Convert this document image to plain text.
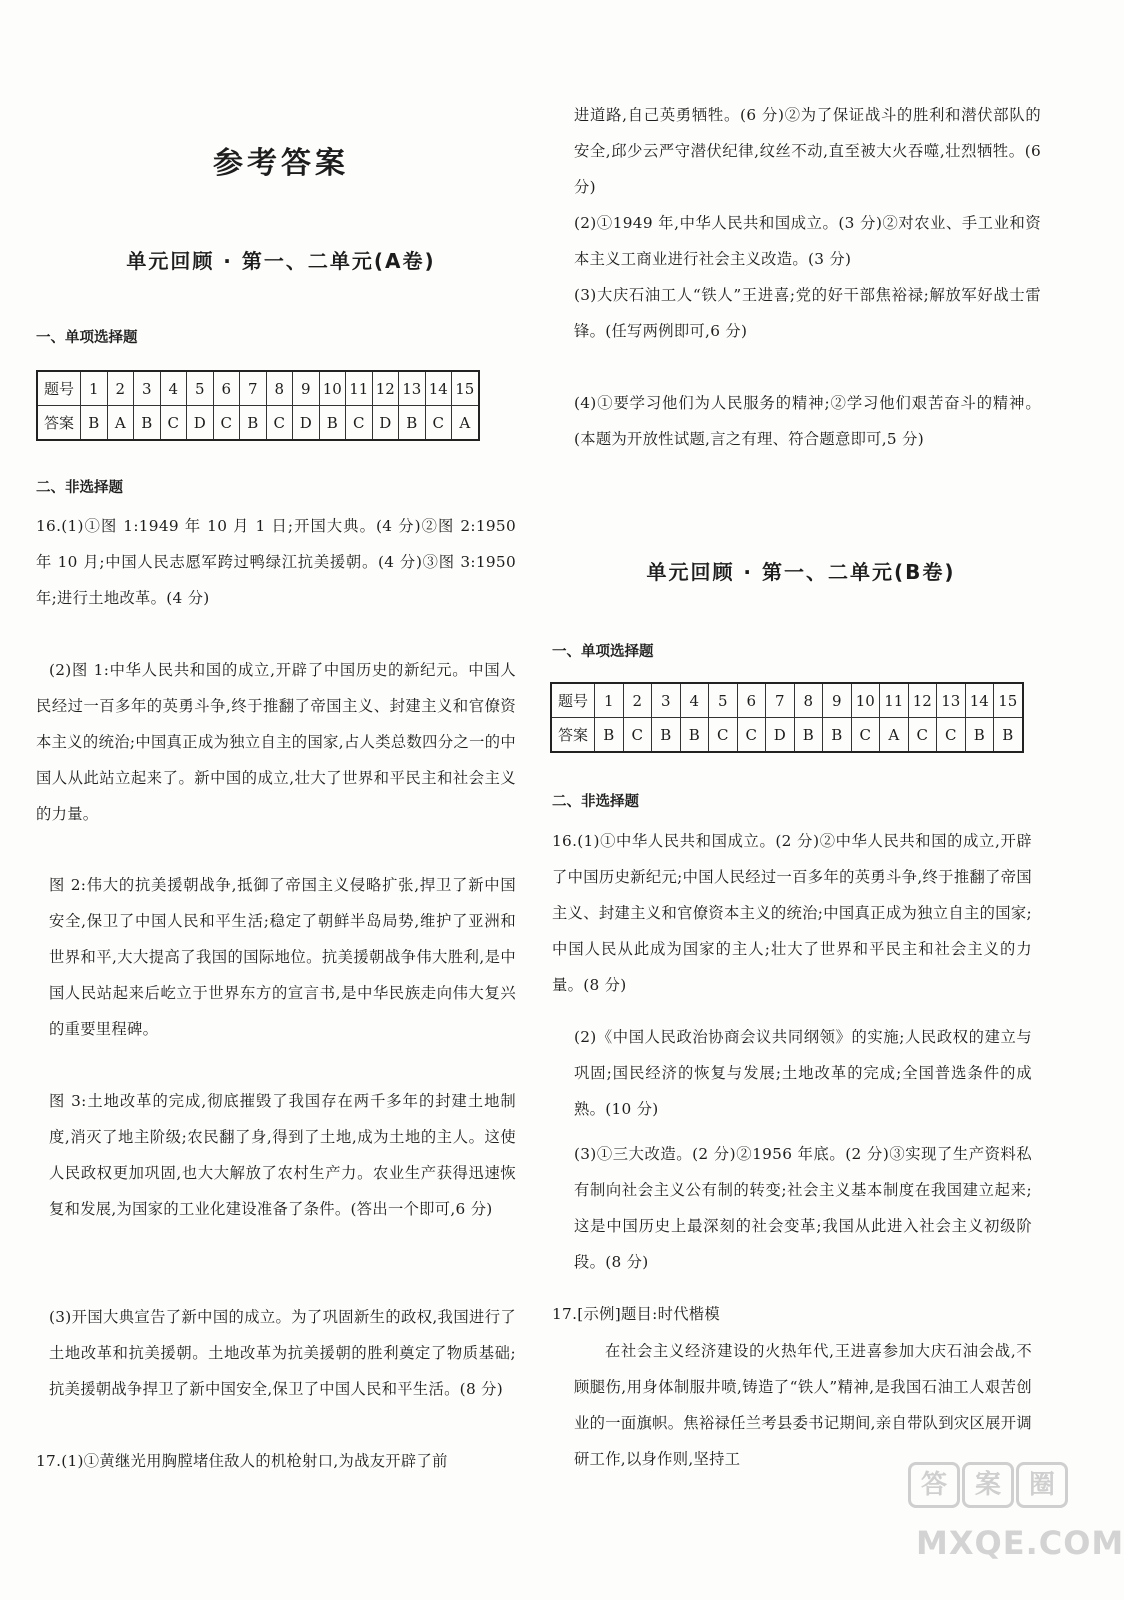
参考答案
单元回顾 · 第一、二单元(A卷)

一、单项选择题

题号	1	2	3	4	5	6	7	8	9	10	11	12	13	14	15
答案	B	A	B	C	D	C	B	C	D	B	C	D	B	C	A

二、非选择题

16.(1)①图 1:1949 年 10 月 1 日;开国大典。(4 分)②图 2:1950 年 10 月;中国人民志愿军跨过鸭绿江抗美援朝。(4 分)③图 3:1950 年;进行土地改革。(4 分)

(2)图 1:中华人民共和国的成立,开辟了中国历史的新纪元。中国人民经过一百多年的英勇斗争,终于推翻了帝国主义、封建主义和官僚资本主义的统治;中国真正成为独立自主的国家,占人类总数四分之一的中国人从此站立起来了。新中国的成立,壮大了世界和平民主和社会主义的力量。

图 2:伟大的抗美援朝战争,抵御了帝国主义侵略扩张,捍卫了新中国安全,保卫了中国人民和平生活;稳定了朝鲜半岛局势,维护了亚洲和世界和平,大大提高了我国的国际地位。抗美援朝战争伟大胜利,是中国人民站起来后屹立于世界东方的宣言书,是中华民族走向伟大复兴的重要里程碑。

图 3:土地改革的完成,彻底摧毁了我国存在两千多年的封建土地制度,消灭了地主阶级;农民翻了身,得到了土地,成为土地的主人。这使人民政权更加巩固,也大大解放了农村生产力。农业生产获得迅速恢复和发展,为国家的工业化建设准备了条件。(答出一个即可,6 分)

(3)开国大典宣告了新中国的成立。为了巩固新生的政权,我国进行了土地改革和抗美援朝。土地改革为抗美援朝的胜利奠定了物质基础;抗美援朝战争捍卫了新中国安全,保卫了中国人民和平生活。(8 分)

17.(1)①黄继光用胸膛堵住敌人的机枪射口,为战友开辟了前

进道路,自己英勇牺牲。(6 分)②为了保证战斗的胜利和潜伏部队的安全,邱少云严守潜伏纪律,纹丝不动,直至被大火吞噬,壮烈牺牲。(6 分)

(2)①1949 年,中华人民共和国成立。(3 分)②对农业、手工业和资本主义工商业进行社会主义改造。(3 分)

(3)大庆石油工人“铁人”王进喜;党的好干部焦裕禄;解放军好战士雷锋。(任写两例即可,6 分)

(4)①要学习他们为人民服务的精神;②学习他们艰苦奋斗的精神。(本题为开放性试题,言之有理、符合题意即可,5 分)

单元回顾 · 第一、二单元(B卷)

一、单项选择题

题号	1	2	3	4	5	6	7	8	9	10	11	12	13	14	15
答案	B	C	B	B	C	C	D	B	B	C	A	C	C	B	B

二、非选择题

16.(1)①中华人民共和国成立。(2 分)②中华人民共和国的成立,开辟了中国历史新纪元;中国人民经过一百多年的英勇斗争,终于推翻了帝国主义、封建主义和官僚资本主义的统治;中国真正成为独立自主的国家;中国人民从此成为国家的主人;壮大了世界和平民主和社会主义的力量。(8 分)

(2)《中国人民政治协商会议共同纲领》的实施;人民政权的建立与巩固;国民经济的恢复与发展;土地改革的完成;全国普选条件的成熟。(10 分)

(3)①三大改造。(2 分)②1956 年底。(2 分)③实现了生产资料私有制向社会主义公有制的转变;社会主义基本制度在我国建立起来;这是中国历史上最深刻的社会变革;我国从此进入社会主义初级阶段。(8 分)

17.[示例]题目:时代楷模

在社会主义经济建设的火热年代,王进喜参加大庆石油会战,不顾腿伤,用身体制服井喷,铸造了“铁人”精神,是我国石油工人艰苦创业的一面旗帜。焦裕禄任兰考县委书记期间,亲自带队到灾区展开调研工作,以身作则,坚持工

答	案	圈
MXQE.COM
